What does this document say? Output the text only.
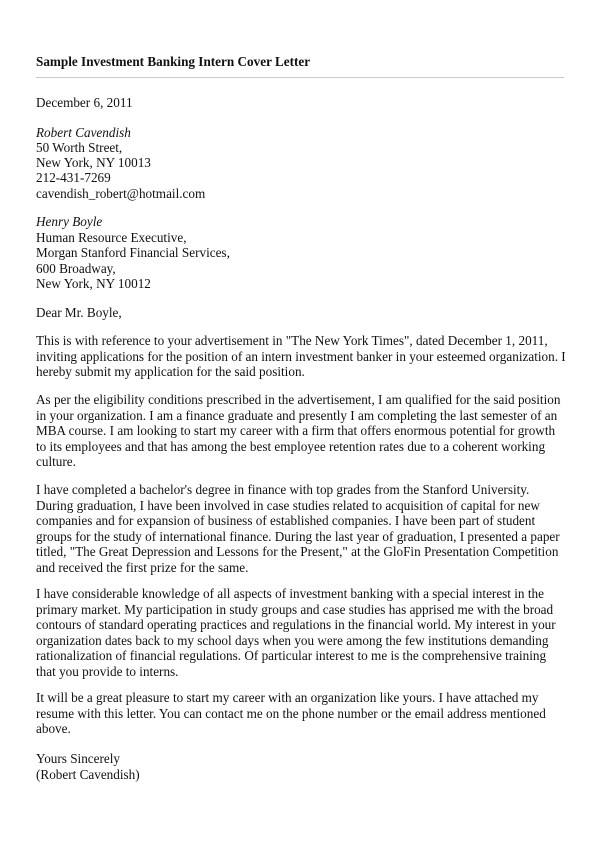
Sample Investment Banking Intern Cover Letter
December 6, 2011
Robert Cavendish
50 Worth Street,
New York, NY 10013
212-431-7269
cavendish_robert@hotmail.com
Henry Boyle
Human Resource Executive,
Morgan Stanford Financial Services,
600 Broadway,
New York, NY 10012
Dear Mr. Boyle,
This is with reference to your advertisement in "The New York Times", dated December 1, 2011,
inviting applications for the position of an intern investment banker in your esteemed organization. I
hereby submit my application for the said position.
As per the eligibility conditions prescribed in the advertisement, I am qualified for the said position
in your organization. I am a finance graduate and presently I am completing the last semester of an
MBA course. I am looking to start my career with a firm that offers enormous potential for growth
to its employees and that has among the best employee retention rates due to a coherent working
culture.
I have completed a bachelor's degree in finance with top grades from the Stanford University.
During graduation, I have been involved in case studies related to acquisition of capital for new
companies and for expansion of business of established companies. I have been part of student
groups for the study of international finance. During the last year of graduation, I presented a paper
titled, "The Great Depression and Lessons for the Present," at the GloFin Presentation Competition
and received the first prize for the same.
I have considerable knowledge of all aspects of investment banking with a special interest in the
primary market. My participation in study groups and case studies has apprised me with the broad
contours of standard operating practices and regulations in the financial world. My interest in your
organization dates back to my school days when you were among the few institutions demanding
rationalization of financial regulations. Of particular interest to me is the comprehensive training
that you provide to interns.
It will be a great pleasure to start my career with an organization like yours. I have attached my
resume with this letter. You can contact me on the phone number or the email address mentioned
above.
Yours Sincerely
(Robert Cavendish)
